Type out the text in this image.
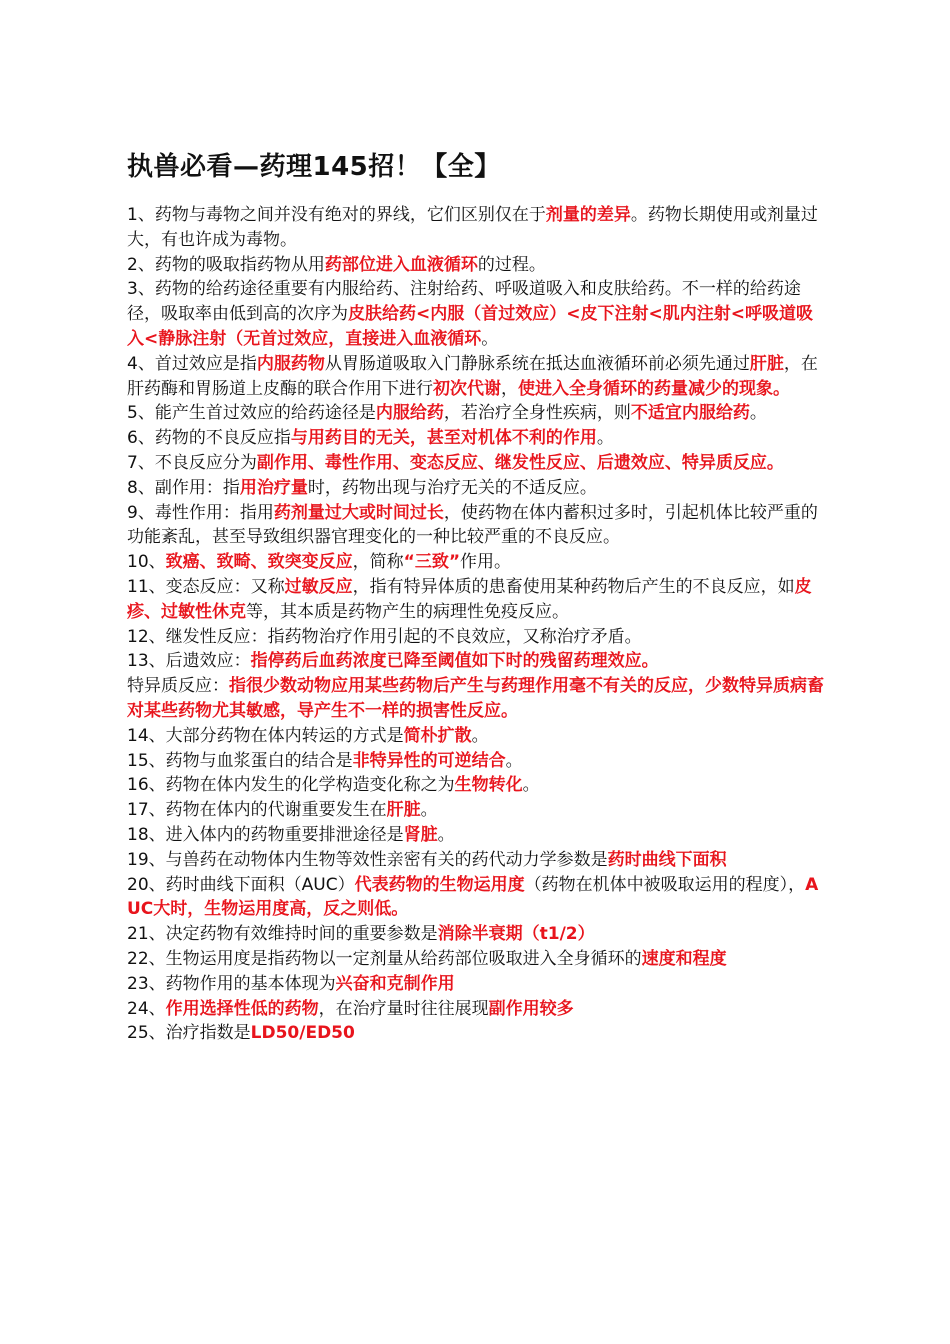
执兽必看—药理145招！【全】

1、药物与毒物之间并没有绝对的界线，它们区别仅在于剂量的差异。药物长期使用或剂量过大，有也许成为毒物。

2、药物的吸取指药物从用药部位进入血液循环的过程。

3、药物的给药途径重要有内服给药、注射给药、呼吸道吸入和皮肤给药。不一样的给药途径，吸取率由低到高的次序为皮肤给药<内服（首过效应）<皮下注射<肌内注射<呼吸道吸入<静脉注射（无首过效应，直接进入血液循环。

4、首过效应是指内服药物从胃肠道吸取入门静脉系统在抵达血液循环前必须先通过肝脏，在肝药酶和胃肠道上皮酶的联合作用下进行初次代谢，使进入全身循环的药量减少的现象。

5、能产生首过效应的给药途径是内服给药，若治疗全身性疾病，则不适宜内服给药。

6、药物的不良反应指与用药目的无关，甚至对机体不利的作用。

7、不良反应分为副作用、毒性作用、变态反应、继发性反应、后遗效应、特异质反应。

8、副作用：指用治疗量时，药物出现与治疗无关的不适反应。

9、毒性作用：指用药剂量过大或时间过长，使药物在体内蓄积过多时，引起机体比较严重的功能紊乱，甚至导致组织器官理变化的一种比较严重的不良反应。

10、致癌、致畸、致突变反应，简称“三致”作用。

11、变态反应：又称过敏反应，指有特异体质的患畜使用某种药物后产生的不良反应，如皮疹、过敏性休克等，其本质是药物产生的病理性免疫反应。

12、继发性反应：指药物治疗作用引起的不良效应，又称治疗矛盾。

13、后遗效应：指停药后血药浓度已降至阈值如下时的残留药理效应。

特异质反应：指很少数动物应用某些药物后产生与药理作用毫不有关的反应，少数特异质病畜对某些药物尤其敏感，导产生不一样的损害性反应。

14、大部分药物在体内转运的方式是简朴扩散。

15、药物与血浆蛋白的结合是非特异性的可逆结合。

16、药物在体内发生的化学构造变化称之为生物转化。

17、药物在体内的代谢重要发生在肝脏。

18、进入体内的药物重要排泄途径是肾脏。

19、与兽药在动物体内生物等效性亲密有关的药代动力学参数是药时曲线下面积

20、药时曲线下面积（AUC）代表药物的生物运用度（药物在机体中被吸取运用的程度），AUC大时，生物运用度高，反之则低。

21、决定药物有效维持时间的重要参数是消除半衰期（t1/2）

22、生物运用度是指药物以一定剂量从给药部位吸取进入全身循环的速度和程度

23、药物作用的基本体现为兴奋和克制作用

24、作用选择性低的药物，在治疗量时往往展现副作用较多

25、治疗指数是LD50/ED50
